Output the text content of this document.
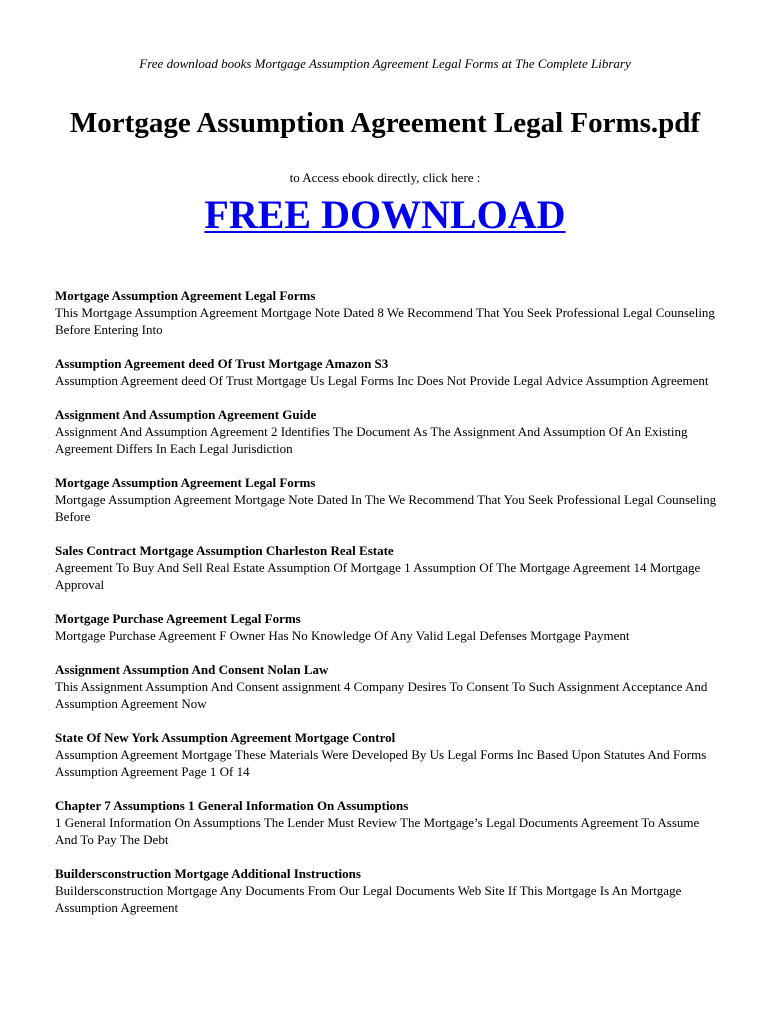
Free download books Mortgage Assumption Agreement Legal Forms at The Complete Library
Mortgage Assumption Agreement Legal Forms.pdf
to Access ebook directly, click here :
FREE DOWNLOAD
Mortgage Assumption Agreement Legal Forms
This Mortgage Assumption Agreement Mortgage Note Dated 8 We Recommend That You Seek Professional Legal Counseling Before Entering Into
Assumption Agreement deed Of Trust Mortgage Amazon S3
Assumption Agreement deed Of Trust Mortgage Us Legal Forms Inc Does Not Provide Legal Advice Assumption Agreement
Assignment And Assumption Agreement Guide
Assignment And Assumption Agreement 2 Identifies The Document As The Assignment And Assumption Of An Existing Agreement Differs In Each Legal Jurisdiction
Mortgage Assumption Agreement Legal Forms
Mortgage Assumption Agreement Mortgage Note Dated In The We Recommend That You Seek Professional Legal Counseling Before
Sales Contract Mortgage Assumption Charleston Real Estate
Agreement To Buy And Sell Real Estate Assumption Of Mortgage 1 Assumption Of The Mortgage Agreement 14 Mortgage Approval
Mortgage Purchase Agreement Legal Forms
Mortgage Purchase Agreement F Owner Has No Knowledge Of Any Valid Legal Defenses Mortgage Payment
Assignment Assumption And Consent Nolan Law
This Assignment Assumption And Consent assignment 4 Company Desires To Consent To Such Assignment Acceptance And Assumption Agreement Now
State Of New York Assumption Agreement Mortgage Control
Assumption Agreement Mortgage These Materials Were Developed By Us Legal Forms Inc Based Upon Statutes And Forms Assumption Agreement Page 1 Of 14
Chapter 7 Assumptions 1 General Information On Assumptions
1 General Information On Assumptions The Lender Must Review The Mortgage’s Legal Documents Agreement To Assume And To Pay The Debt
Buildersconstruction Mortgage Additional Instructions
Buildersconstruction Mortgage Any Documents From Our Legal Documents Web Site If This Mortgage Is An Mortgage Assumption Agreement
